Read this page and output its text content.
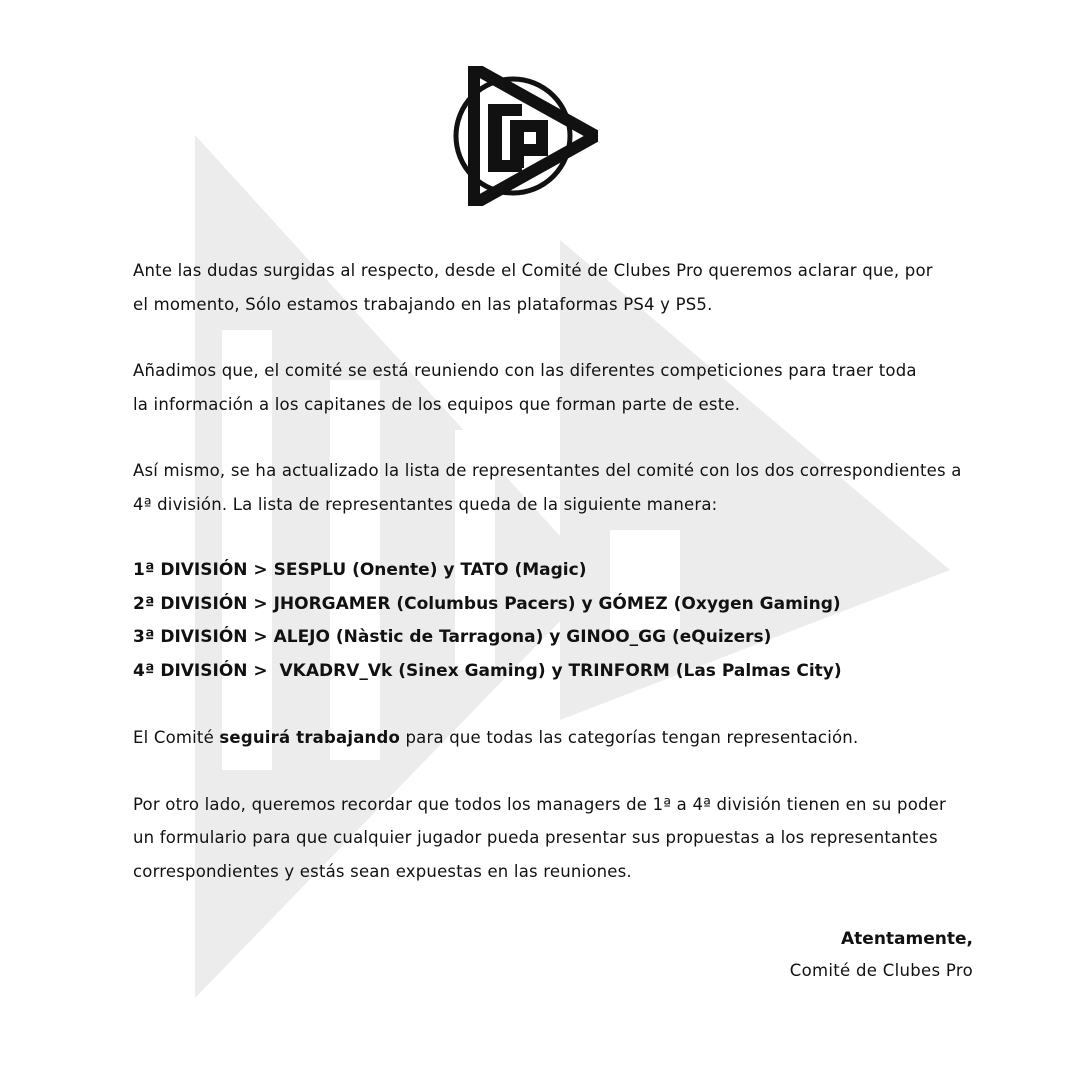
Ante las dudas surgidas al respecto, desde el Comité de Clubes Pro queremos aclarar que, por

el momento, Sólo estamos trabajando en las plataformas PS4 y PS5.

Añadimos que, el comité se está reuniendo con las diferentes competiciones para traer toda

la información a los capitanes de los equipos que forman parte de este.

Así mismo, se ha actualizado la lista de representantes del comité con los dos correspondientes a

4ª división. La lista de representantes queda de la siguiente manera:

1ª DIVISIÓN > SESPLU (Onente) y TATO (Magic)

2ª DIVISIÓN > JHORGAMER (Columbus Pacers) y GÓMEZ (Oxygen Gaming)

3ª DIVISIÓN > ALEJO (Nàstic de Tarragona) y GINOO_GG (eQuizers)

4ª DIVISIÓN >  VKADRV_Vk (Sinex Gaming) y TRINFORM (Las Palmas City)

El Comité seguirá trabajando para que todas las categorías tengan representación.

Por otro lado, queremos recordar que todos los managers de 1ª a 4ª división tienen en su poder

un formulario para que cualquier jugador pueda presentar sus propuestas a los representantes

correspondientes y estás sean expuestas en las reuniones.

Atentamente,

Comité de Clubes Pro
